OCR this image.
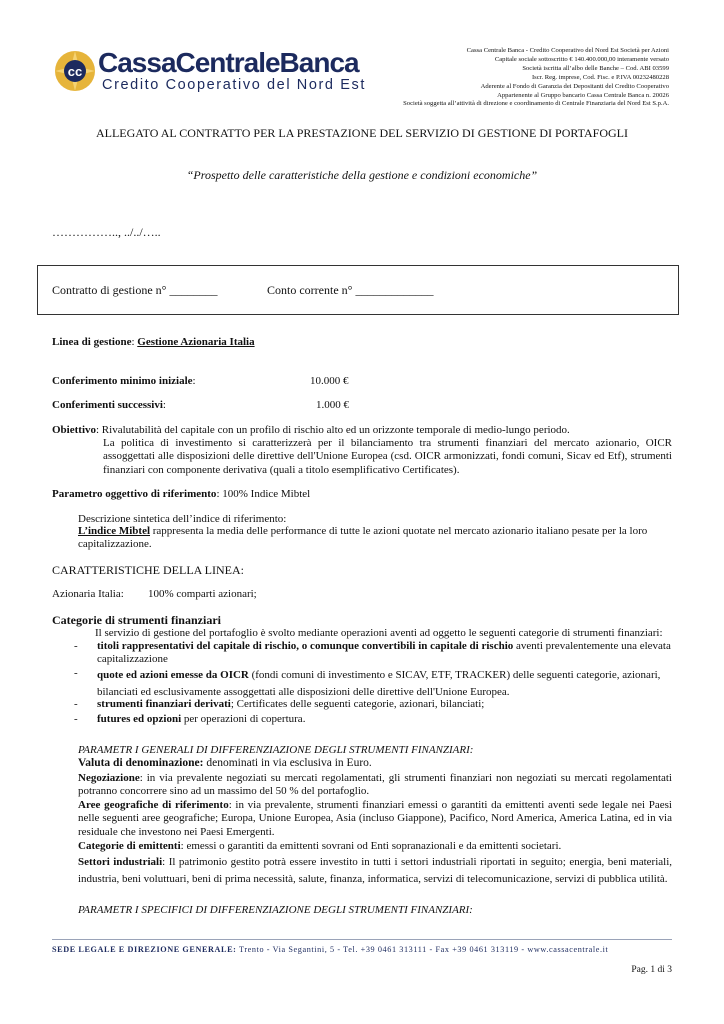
cc CassaCentraleBanca
Credito Cooperativo del Nord Est
Cassa Centrale Banca - Credito Cooperativo del Nord Est Società per Azioni
Capitale sociale sottoscritto € 140.400.000,00 interamente versato
Società iscritta all’albo delle Banche – Cod. ABI 03599
Iscr. Reg. imprese, Cod. Fisc. e P.IVA 00232480228
Aderente al Fondo di Garanzia dei Depositanti del Credito Cooperativo
Appartenente al Gruppo bancario Cassa Centrale Banca n. 20026
Società soggetta all’attività di direzione e coordinamento di Centrale Finanziaria del Nord Est S.p.A.
ALLEGATO AL CONTRATTO PER LA PRESTAZIONE DEL SERVIZIO DI GESTIONE DI PORTAFOGLI
“Prospetto delle caratteristiche della gestione e condizioni economiche”
…………….., ../../…..
Contratto di gestione n° ________	Conto corrente n° _____________
Linea di gestione: Gestione Azionaria Italia
Conferimento minimo iniziale:	10.000 €
Conferimenti successivi:	1.000 €
Obiettivo: Rivalutabilità del capitale con un profilo di rischio alto ed un orizzonte temporale di medio-lungo periodo.
La politica di investimento si caratterizzerà per il bilanciamento tra strumenti finanziari del mercato azionario, OICR assoggettati alle disposizioni delle direttive dell'Unione Europea (csd. OICR armonizzati, fondi comuni, Sicav ed Etf), strumenti finanziari con componente derivativa (quali a titolo esemplificativo Certificates).
Parametro oggettivo di riferimento: 100% Indice Mibtel
Descrizione sintetica dell’indice di riferimento:
L’indice Mibtel rappresenta la media delle performance di tutte le azioni quotate nel mercato azionario italiano pesate per la loro capitalizzazione.
CARATTERISTICHE DELLA LINEA:
Azionaria Italia: 100% comparti azionari;
Categorie di strumenti finanziari
Il servizio di gestione del portafoglio è svolto mediante operazioni aventi ad oggetto le seguenti categorie di strumenti finanziari:
- titoli rappresentativi del capitale di rischio, o comunque convertibili in capitale di rischio aventi prevalentemente una elevata capitalizzazione
- quote ed azioni emesse da OICR (fondi comuni di investimento e SICAV, ETF, TRACKER) delle seguenti categorie, azionari, bilanciati ed esclusivamente assoggettati alle disposizioni delle direttive dell'Unione Europea.
- strumenti finanziari derivati; Certificates delle seguenti categorie, azionari, bilanciati;
- futures ed opzioni per operazioni di copertura.
PARAMETR I GENERALI DI DIFFERENZIAZIONE DEGLI STRUMENTI FINANZIARI:
Valuta di denominazione: denominati in via esclusiva in Euro.
Negoziazione: in via prevalente negoziati su mercati regolamentati, gli strumenti finanziari non negoziati su mercati regolamentati potranno concorrere sino ad un massimo del 50 % del portafoglio.
Aree geografiche di riferimento: in via prevalente, strumenti finanziari emessi o garantiti da emittenti aventi sede legale nei Paesi nelle seguenti aree geografiche; Europa, Unione Europea, Asia (incluso Giappone), Pacifico, Nord America, America Latina, ed in via residuale che investono nei Paesi Emergenti.
Categorie di emittenti: emessi o garantiti da emittenti sovrani od Enti sopranazionali e da emittenti societari.
Settori industriali: Il patrimonio gestito potrà essere investito in tutti i settori industriali riportati in seguito; energia, beni materiali, industria, beni voluttuari, beni di prima necessità, salute, finanza, informatica, servizi di telecomunicazione, servizi di pubblica utilità.
PARAMETR I SPECIFICI DI DIFFERENZIAZIONE DEGLI STRUMENTI FINANZIARI:
SEDE LEGALE E DIREZIONE GENERALE: Trento - Via Segantini, 5 - Tel. +39 0461 313111 - Fax +39 0461 313119 - www.cassacentrale.it
Pag. 1 di 3
